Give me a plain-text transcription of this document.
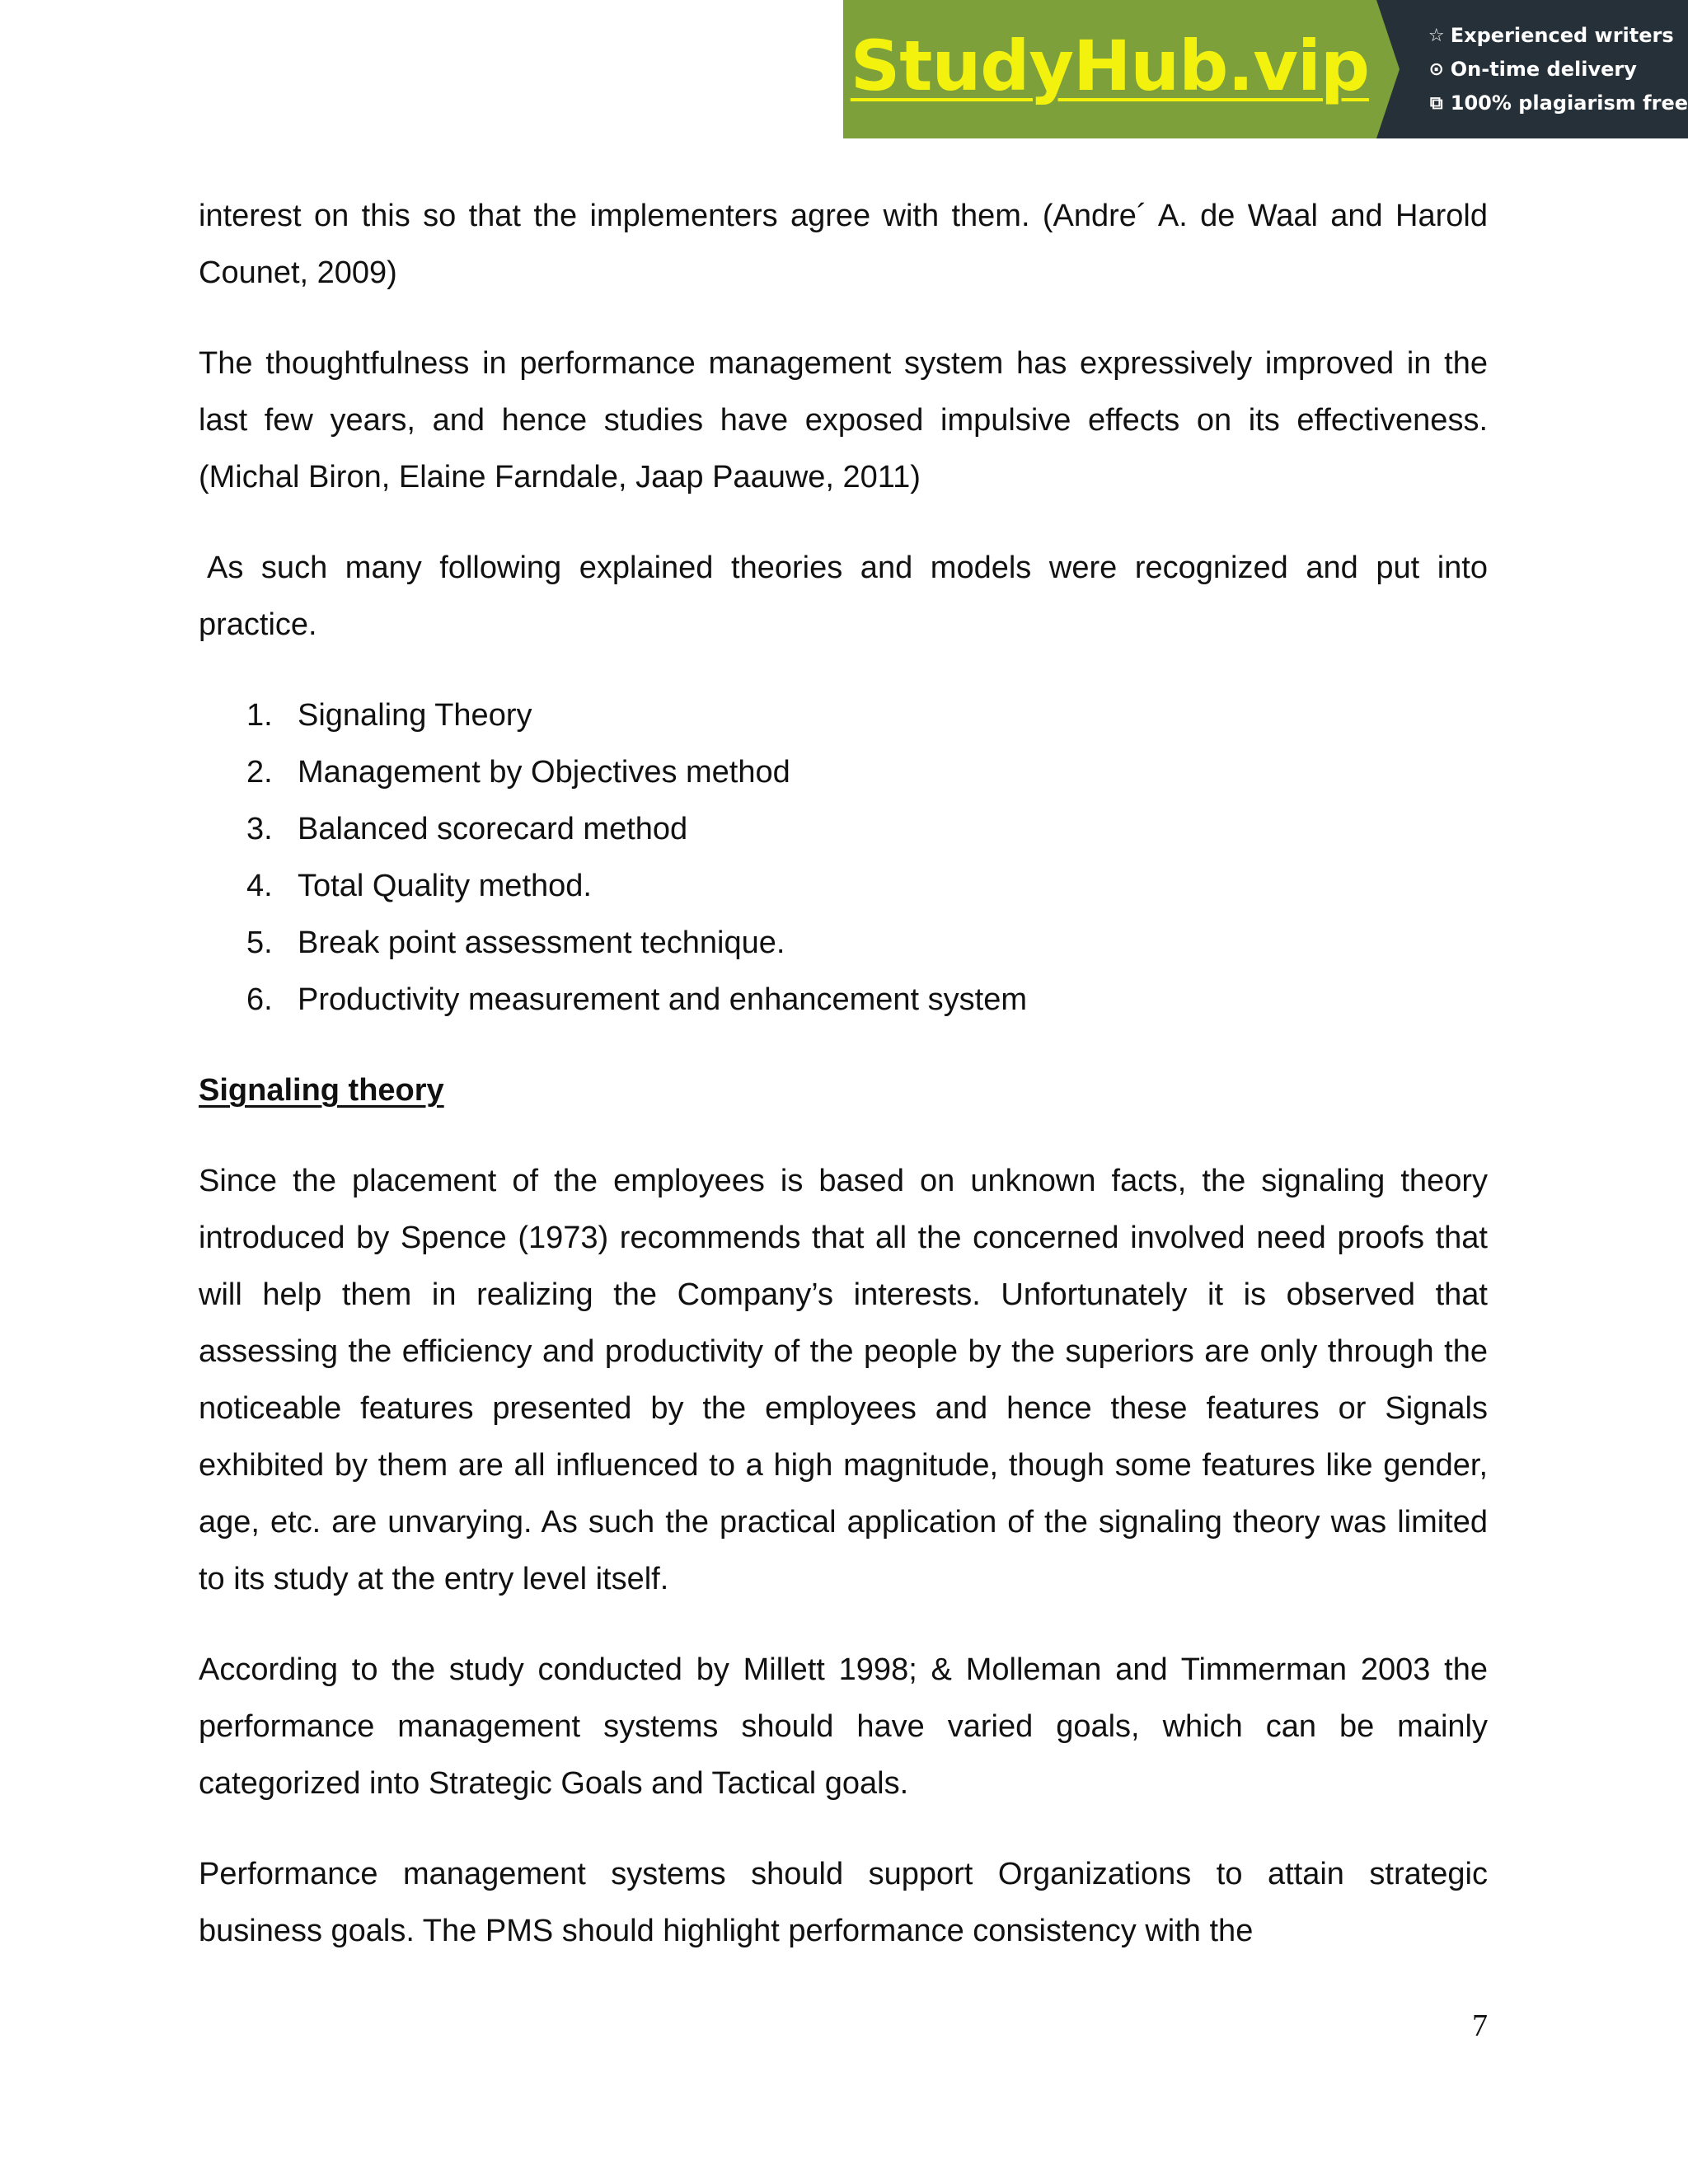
StudyHub.vip	☆ Experienced writers
⊙ On-time delivery
⧉ 100% plagiarism free

interest on this so that the implementers agree with them. (Andre´ A. de Waal and Harold Counet, 2009)

The thoughtfulness in performance management system has expressively improved in the last few years, and hence studies have exposed impulsive effects on its effectiveness. (Michal Biron, Elaine Farndale, Jaap Paauwe, 2011)

As such many following explained theories and models were recognized and put into practice.

1. Signaling Theory
2. Management by Objectives method
3. Balanced scorecard method
4. Total Quality method.
5. Break point assessment technique.
6. Productivity measurement and enhancement system
Signaling theory

Since the placement of the employees is based on unknown facts, the signaling theory introduced by Spence (1973) recommends that all the concerned involved need proofs that will help them in realizing the Company’s interests. Unfortunately it is observed that assessing the efficiency and productivity of the people by the superiors are only through the noticeable features presented by the employees and hence these features or Signals exhibited by them are all influenced to a high magnitude, though some features like gender, age, etc. are unvarying. As such the practical application of the signaling theory was limited to its study at the entry level itself.

According to the study conducted by Millett 1998; & Molleman and Timmerman 2003 the performance management systems should have varied goals, which can be mainly categorized into Strategic Goals and Tactical goals.

Performance management systems should support Organizations to attain strategic business goals. The PMS should highlight performance consistency with the

7
